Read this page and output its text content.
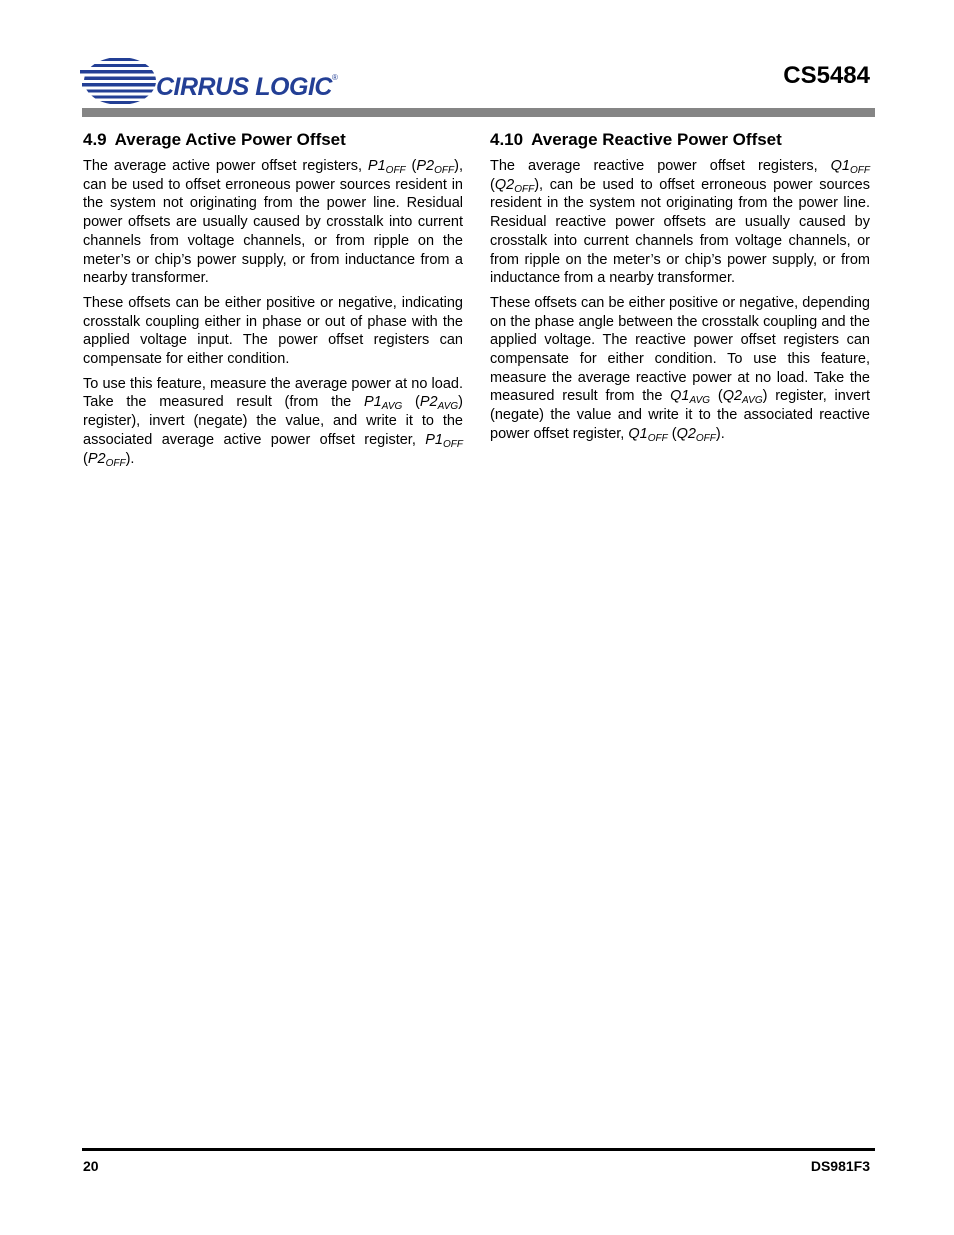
CIRRUS LOGIC®	CS5484
4.9 Average Active Power Offset

The average active power offset registers, $P1_{OFF}$ $(P2_{OFF})$, can be used to offset erroneous power sources resident in the system not originating from the power line. Residual power offsets are usually caused by crosstalk into current channels from voltage channels, or from ripple on the meter’s or chip’s power supply, or from inductance from a nearby transformer.

These offsets can be either positive or negative, indicating crosstalk coupling either in phase or out of phase with the applied voltage input. The power offset registers can compensate for either condition.

To use this feature, measure the average power at no load. Take the measured result (from the $P1_{AVG}$ $(P2_{AVG})$ register), invert (negate) the value, and write it to the associated average active power offset register, $P1_{OFF}$ $(P2_{OFF})$.

4.10 Average Reactive Power Offset

The average reactive power offset registers, $Q1_{OFF}$ $(Q2_{OFF})$, can be used to offset erroneous power sources resident in the system not originating from the power line. Residual reactive power offsets are usually caused by crosstalk into current channels from voltage channels, or from ripple on the meter’s or chip’s power supply, or from inductance from a nearby transformer.

These offsets can be either positive or negative, depending on the phase angle between the crosstalk coupling and the applied voltage. The reactive power offset registers can compensate for either condition. To use this feature, measure the average reactive power at no load. Take the measured result from the $Q1_{AVG}$ $(Q2_{AVG})$ register, invert (negate) the value and write it to the associated reactive power offset register, $Q1_{OFF}$ $(Q2_{OFF})$.

20	DS981F3
